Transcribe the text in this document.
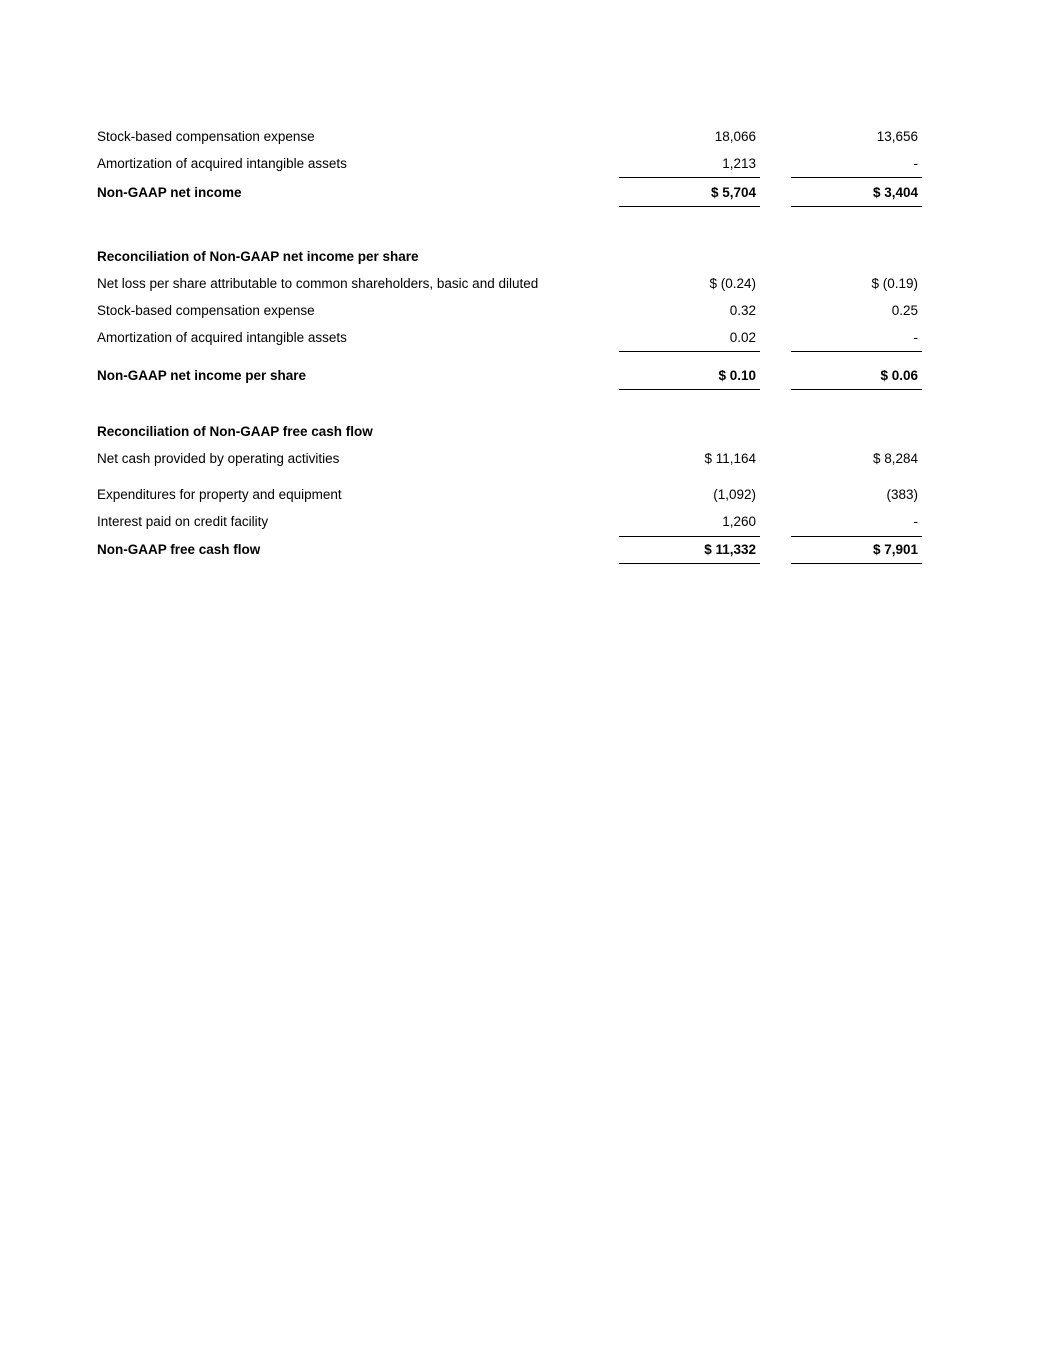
Stock-based compensation expense	18,066	13,656
Amortization of acquired intangible assets	1,213	-
Non-GAAP net income	$ 5,704	$ 3,404
Reconciliation of Non-GAAP net income per share
Net loss per share attributable to common shareholders, basic and diluted	$ (0.24)	$ (0.19)
Stock-based compensation expense	0.32	0.25
Amortization of acquired intangible assets	0.02	-
Non-GAAP net income per share	$ 0.10	$ 0.06
Reconciliation of Non-GAAP free cash flow
Net cash provided by operating activities	$ 11,164	$ 8,284
Expenditures for property and equipment	(1,092)	(383)
Interest paid on credit facility	1,260	-
Non-GAAP free cash flow	$ 11,332	$ 7,901
